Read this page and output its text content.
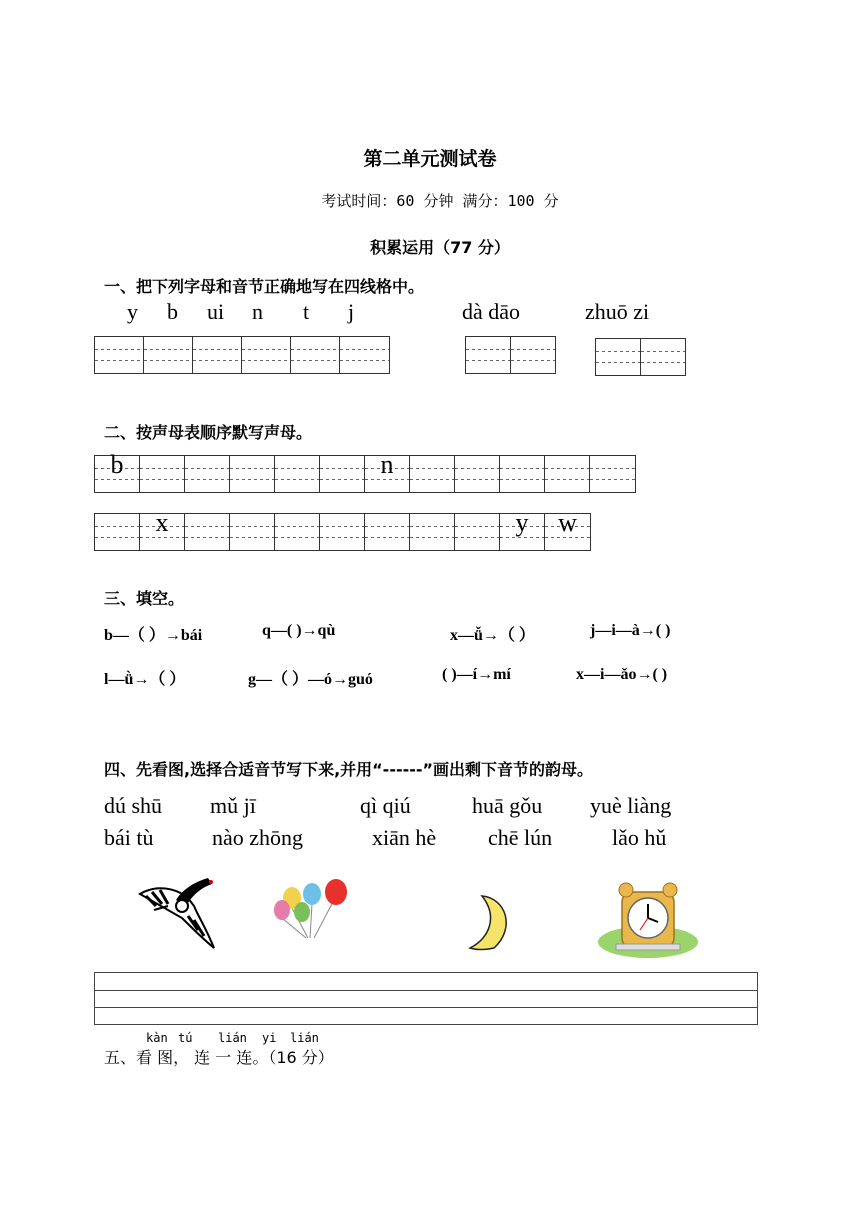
第二单元测试卷
考试时间：60 分钟 满分：100 分
积累运用（77 分）
一、把下列字母和音节正确地写在四线格中。
y b ui n t j	dà dāo	zhuō zi
二、按声母表顺序默写声母。
b	n
x	y	w
三、填空。
b—（ ）→bái	q—( )→qù	x—ǚ→（ ）	j—i—à→( )
l—ǜ→（ ）	g—（ ）—ó→guó	( )—í→mí	x—i—ǎo→( )
四、先看图,选择合适音节写下来,并用“------”画出剩下音节的韵母。
dú shū mǔ jī	qì qiú	huā gǒu yuè liàng
bái tù	nào zhōng	xiān hè chē lún	lǎo hǔ
kàn tú lián yi lián
五、看 图， 连 一 连。（16 分）
